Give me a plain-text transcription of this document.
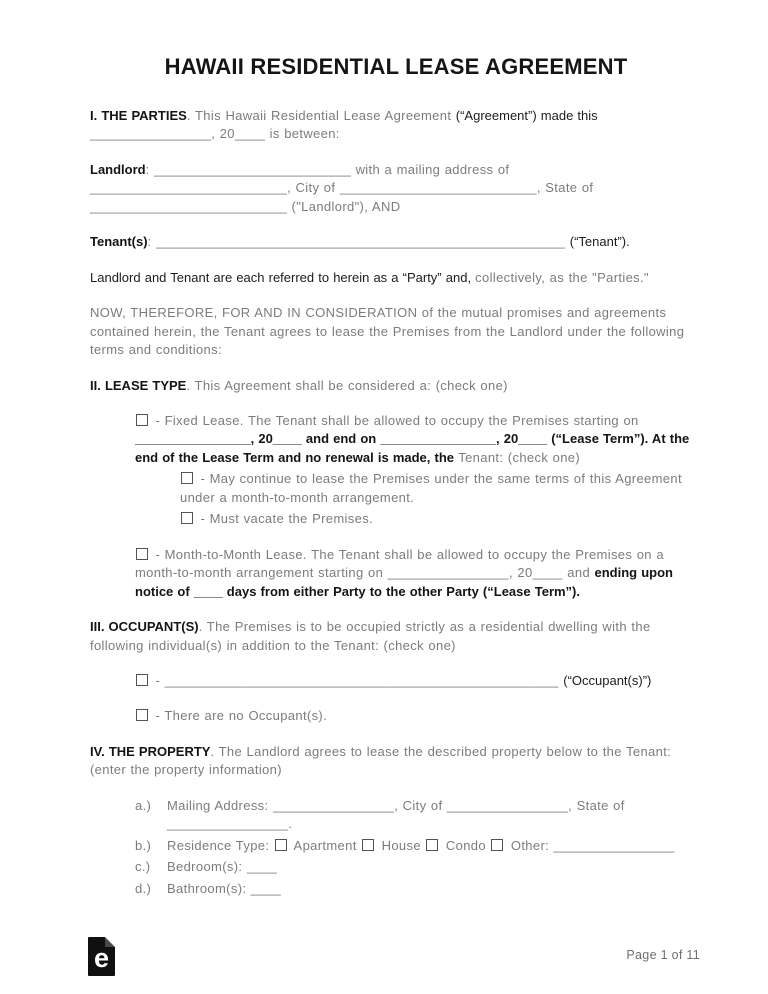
HAWAII RESIDENTIAL LEASE AGREEMENT

I. THE PARTIES. This Hawaii Residential Lease Agreement (“Agreement”) made this ________________, 20____ is between:

Landlord: __________________________ with a mailing address of __________________________, City of __________________________, State of __________________________ ("Landlord"), AND

Tenant(s): ______________________________________________________ (“Tenant”).

Landlord and Tenant are each referred to herein as a “Party” and, collectively, as the "Parties."

NOW, THEREFORE, FOR AND IN CONSIDERATION of the mutual promises and agreements contained herein, the Tenant agrees to lease the Premises from the Landlord under the following terms and conditions:

II. LEASE TYPE. This Agreement shall be considered a: (check one)

- Fixed Lease. The Tenant shall be allowed to occupy the Premises starting on ________________, 20____ and end on ________________, 20____ (“Lease Term”). At the end of the Lease Term and no renewal is made, the Tenant: (check one)

- May continue to lease the Premises under the same terms of this Agreement under a month-to-month arrangement.

- Must vacate the Premises.

- Month-to-Month Lease. The Tenant shall be allowed to occupy the Premises on a month-to-month arrangement starting on ________________, 20____ and ending upon notice of ____ days from either Party to the other Party (“Lease Term”).

III. OCCUPANT(S). The Premises is to be occupied strictly as a residential dwelling with the following individual(s) in addition to the Tenant: (check one)

- ____________________________________________________ (“Occupant(s)”)

- There are no Occupant(s).

IV. THE PROPERTY. The Landlord agrees to lease the described property below to the Tenant: (enter the property information)

a.)	Mailing Address: ________________, City of ________________, State of ________________.

b.)	Residence Type:  Apartment  House  Condo  Other: ________________

c.)	Bedroom(s): ____

d.)	Bathroom(s): ____

e	Page 1 of 11
